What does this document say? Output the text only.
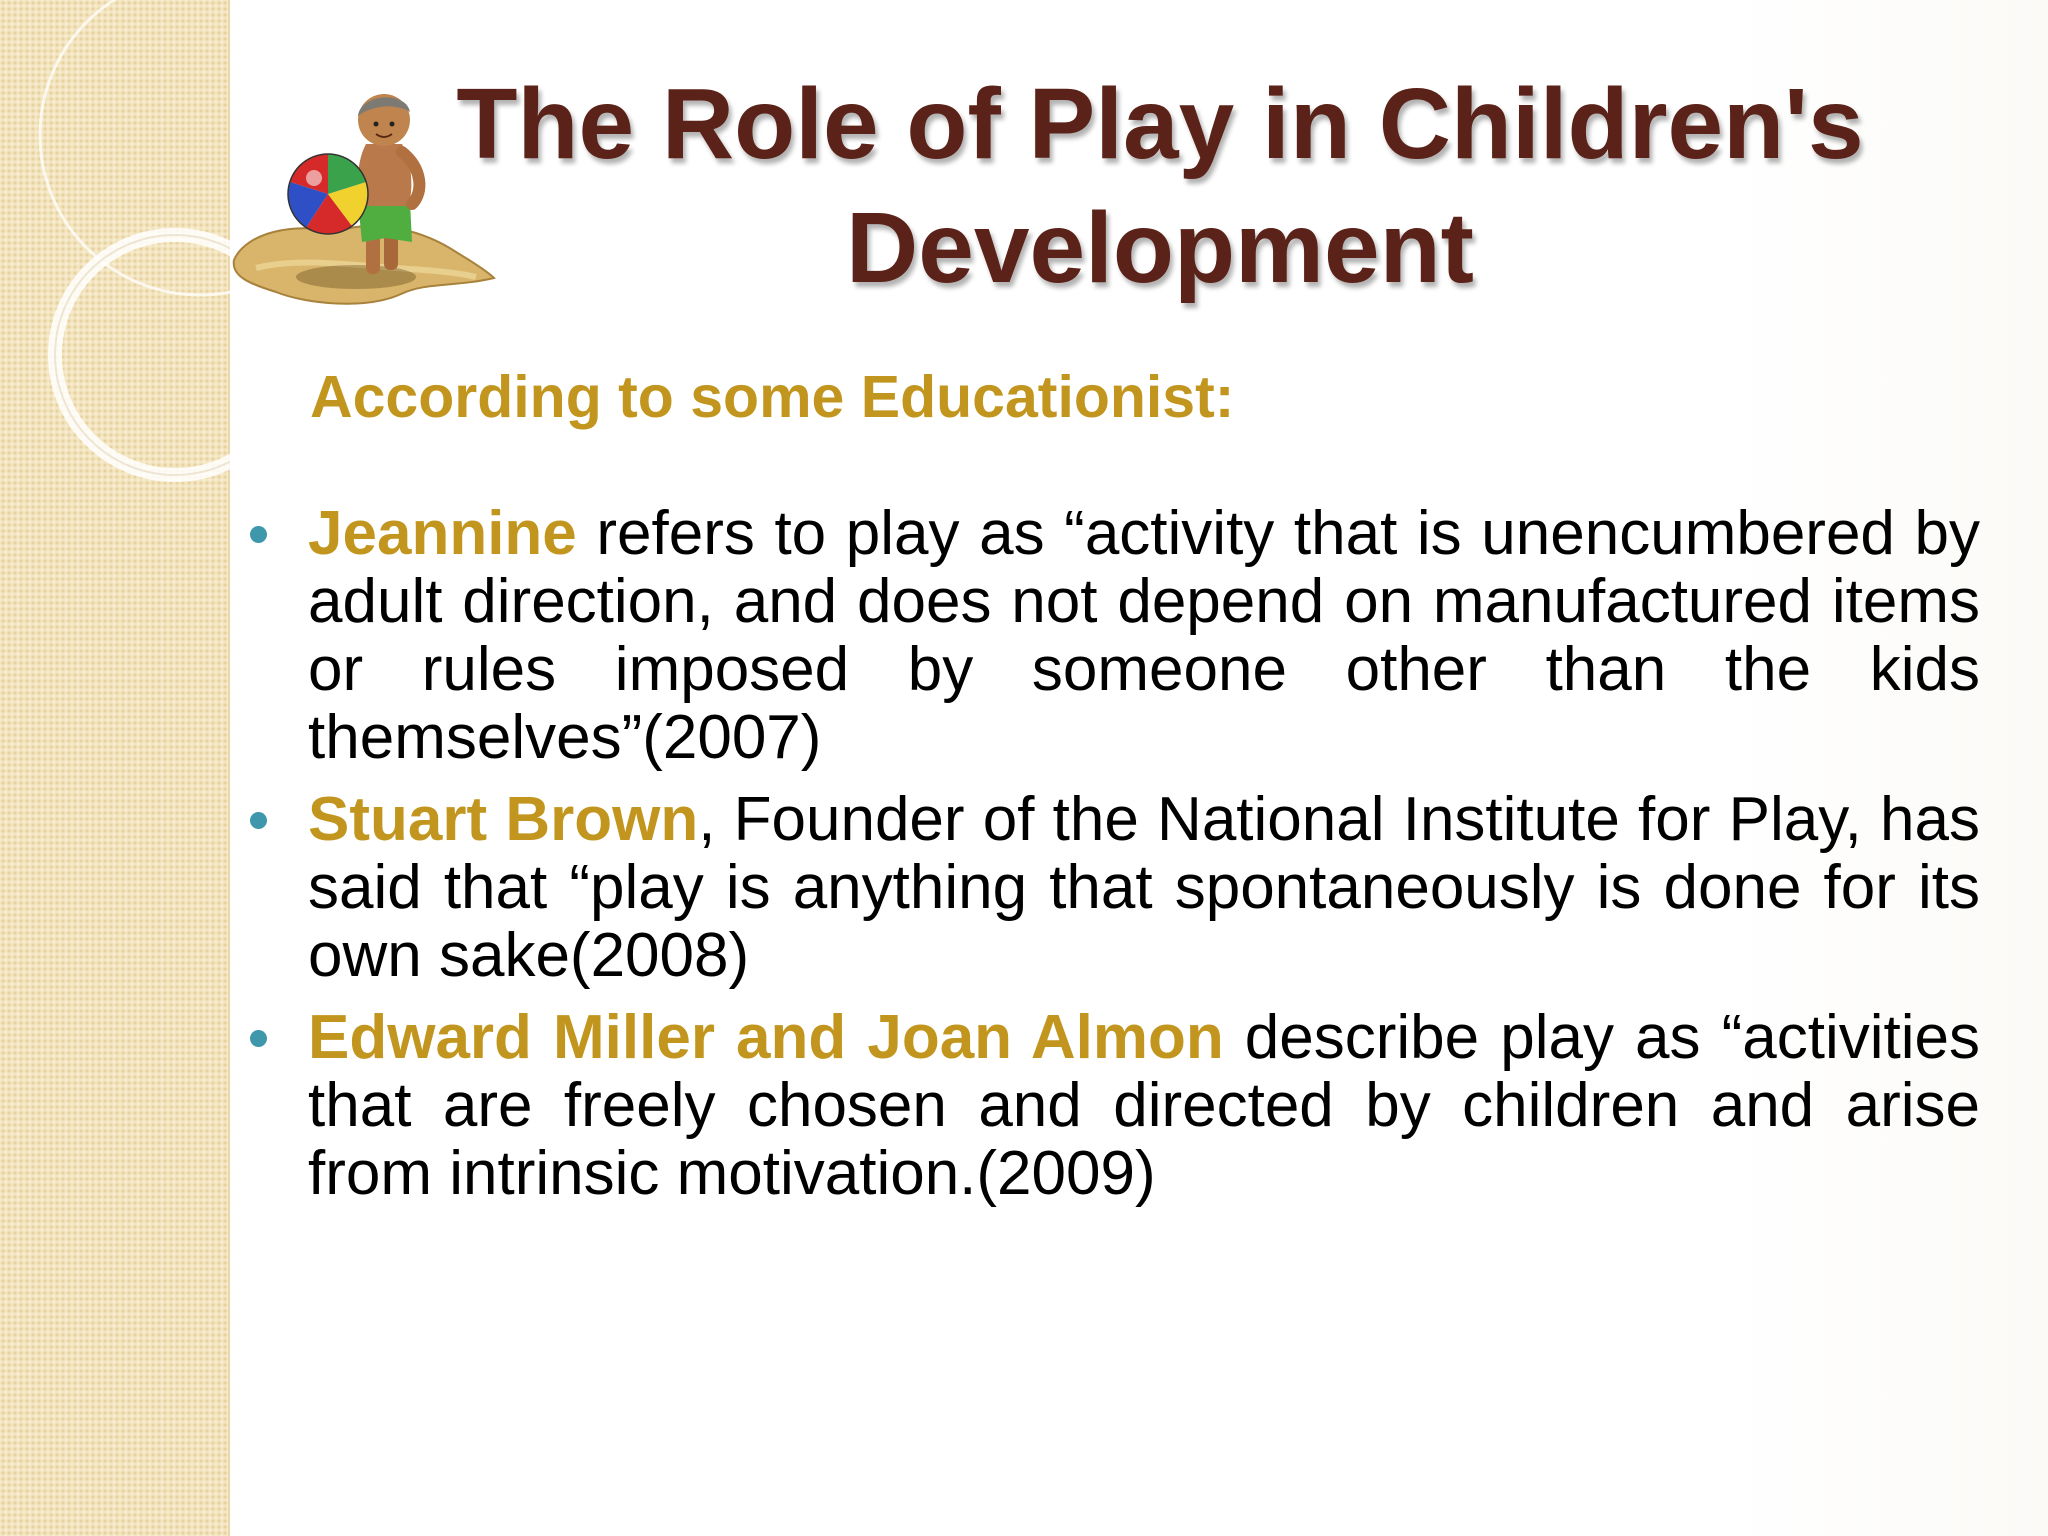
The Role of Play in Children's Development
According to some Educationist:
Jeannine refers to play as “activity that is unencumbered by adult direction, and does not depend on manufactured items or rules imposed by someone other than the kids themselves”(2007)
Stuart Brown, Founder of the National Institute for Play, has said that “play is anything that spontaneously is done for its own sake(2008)
Edward Miller and Joan Almon describe play as “activities that are freely chosen and directed by children and arise from intrinsic motivation.(2009)
